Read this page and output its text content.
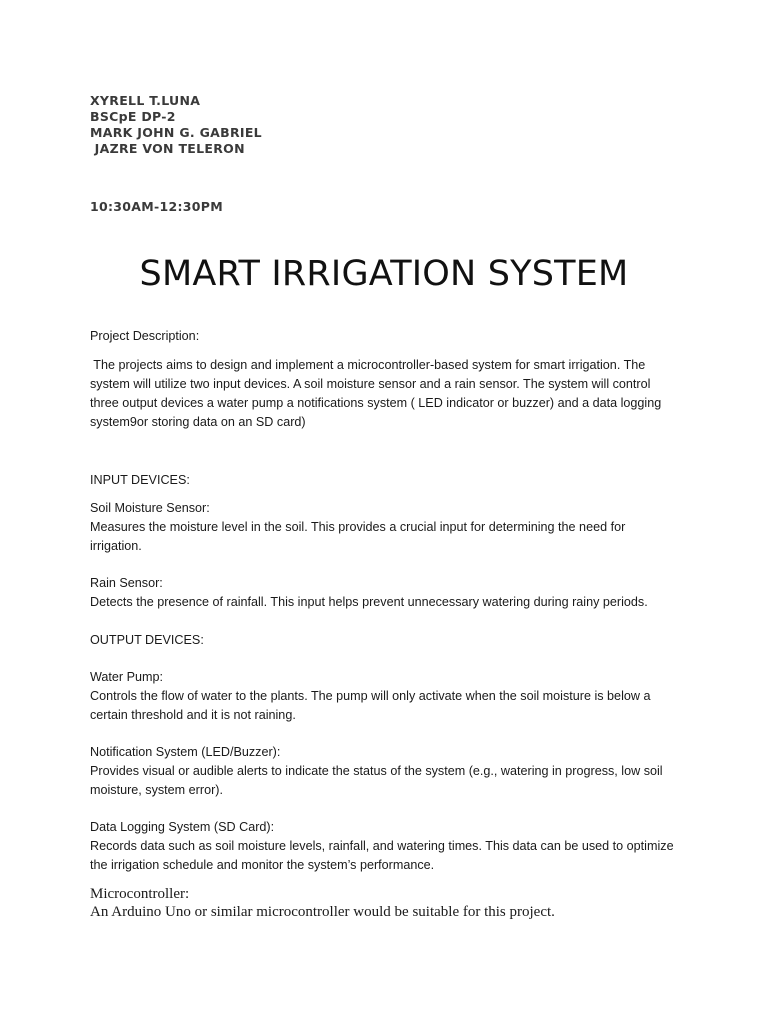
XYRELL T.LUNA
BSCpE DP-2
MARK JOHN G. GABRIEL
JAZRE VON TELERON
10:30AM-12:30PM
SMART IRRIGATION SYSTEM
Project Description:
The projects aims to design and implement a microcontroller-based system for smart irrigation. The
system will utilize two input devices. A soil moisture sensor and a rain sensor. The system will control
three output devices a water pump a notifications system ( LED indicator or buzzer) and a data logging
system9or storing data on an SD card)
INPUT DEVICES:
Soil Moisture Sensor:
Measures the moisture level in the soil. This provides a crucial input for determining the need for
irrigation.
Rain Sensor:
Detects the presence of rainfall. This input helps prevent unnecessary watering during rainy periods.
OUTPUT DEVICES:
Water Pump:
Controls the flow of water to the plants. The pump will only activate when the soil moisture is below a
certain threshold and it is not raining.
Notification System (LED/Buzzer):
Provides visual or audible alerts to indicate the status of the system (e.g., watering in progress, low soil
moisture, system error).
Data Logging System (SD Card):
Records data such as soil moisture levels, rainfall, and watering times. This data can be used to optimize
the irrigation schedule and monitor the system’s performance.
Microcontroller:
An Arduino Uno or similar microcontroller would be suitable for this project.
